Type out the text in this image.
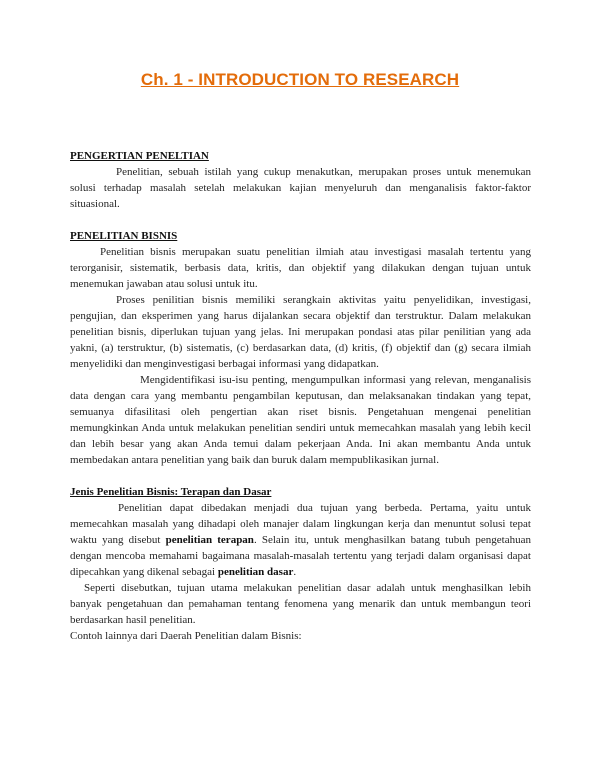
Ch. 1 - INTRODUCTION TO RESEARCH

PENGERTIAN PENELTIAN

Penelitian, sebuah istilah yang cukup menakutkan, merupakan proses untuk menemukan solusi terhadap masalah setelah melakukan kajian menyeluruh dan menganalisis faktor-faktor situasional.

PENELITIAN BISNIS

Penelitian bisnis merupakan suatu penelitian ilmiah atau investigasi masalah tertentu yang terorganisir, sistematik, berbasis data, kritis, dan objektif yang dilakukan dengan tujuan untuk menemukan jawaban atau solusi untuk itu.

Proses penilitian bisnis memiliki serangkain aktivitas yaitu penyelidikan, investigasi, pengujian, dan eksperimen yang harus dijalankan secara objektif dan terstruktur. Dalam melakukan penelitian bisnis, diperlukan tujuan yang jelas. Ini merupakan pondasi atas pilar penilitian yang ada yakni, (a) terstruktur, (b) sistematis, (c) berdasarkan data, (d) kritis, (f) objektif dan (g) secara ilmiah menyelidiki dan menginvestigasi berbagai informasi yang didapatkan.

Mengidentifikasi isu-isu penting, mengumpulkan informasi yang relevan, menganalisis data dengan cara yang membantu pengambilan keputusan, dan melaksanakan tindakan yang tepat, semuanya difasilitasi oleh pengertian akan riset bisnis. Pengetahuan mengenai penelitian memungkinkan Anda untuk melakukan penelitian sendiri untuk memecahkan masalah yang lebih kecil dan lebih besar yang akan Anda temui dalam pekerjaan Anda. Ini akan membantu Anda untuk membedakan antara penelitian yang baik dan buruk dalam mempublikasikan jurnal.

Jenis Penelitian Bisnis: Terapan dan Dasar

Penelitian dapat dibedakan menjadi dua tujuan yang berbeda. Pertama, yaitu untuk memecahkan masalah yang dihadapi oleh manajer dalam lingkungan kerja dan menuntut solusi tepat waktu yang disebut penelitian terapan. Selain itu, untuk menghasilkan batang tubuh pengetahuan dengan mencoba memahami bagaimana masalah-masalah tertentu yang terjadi dalam organisasi dapat dipecahkan yang dikenal sebagai penelitian dasar.

Seperti disebutkan, tujuan utama melakukan penelitian dasar adalah untuk menghasilkan lebih banyak pengetahuan dan pemahaman tentang fenomena yang menarik dan untuk membangun teori berdasarkan hasil penelitian.

Contoh lainnya dari Daerah Penelitian dalam Bisnis:
